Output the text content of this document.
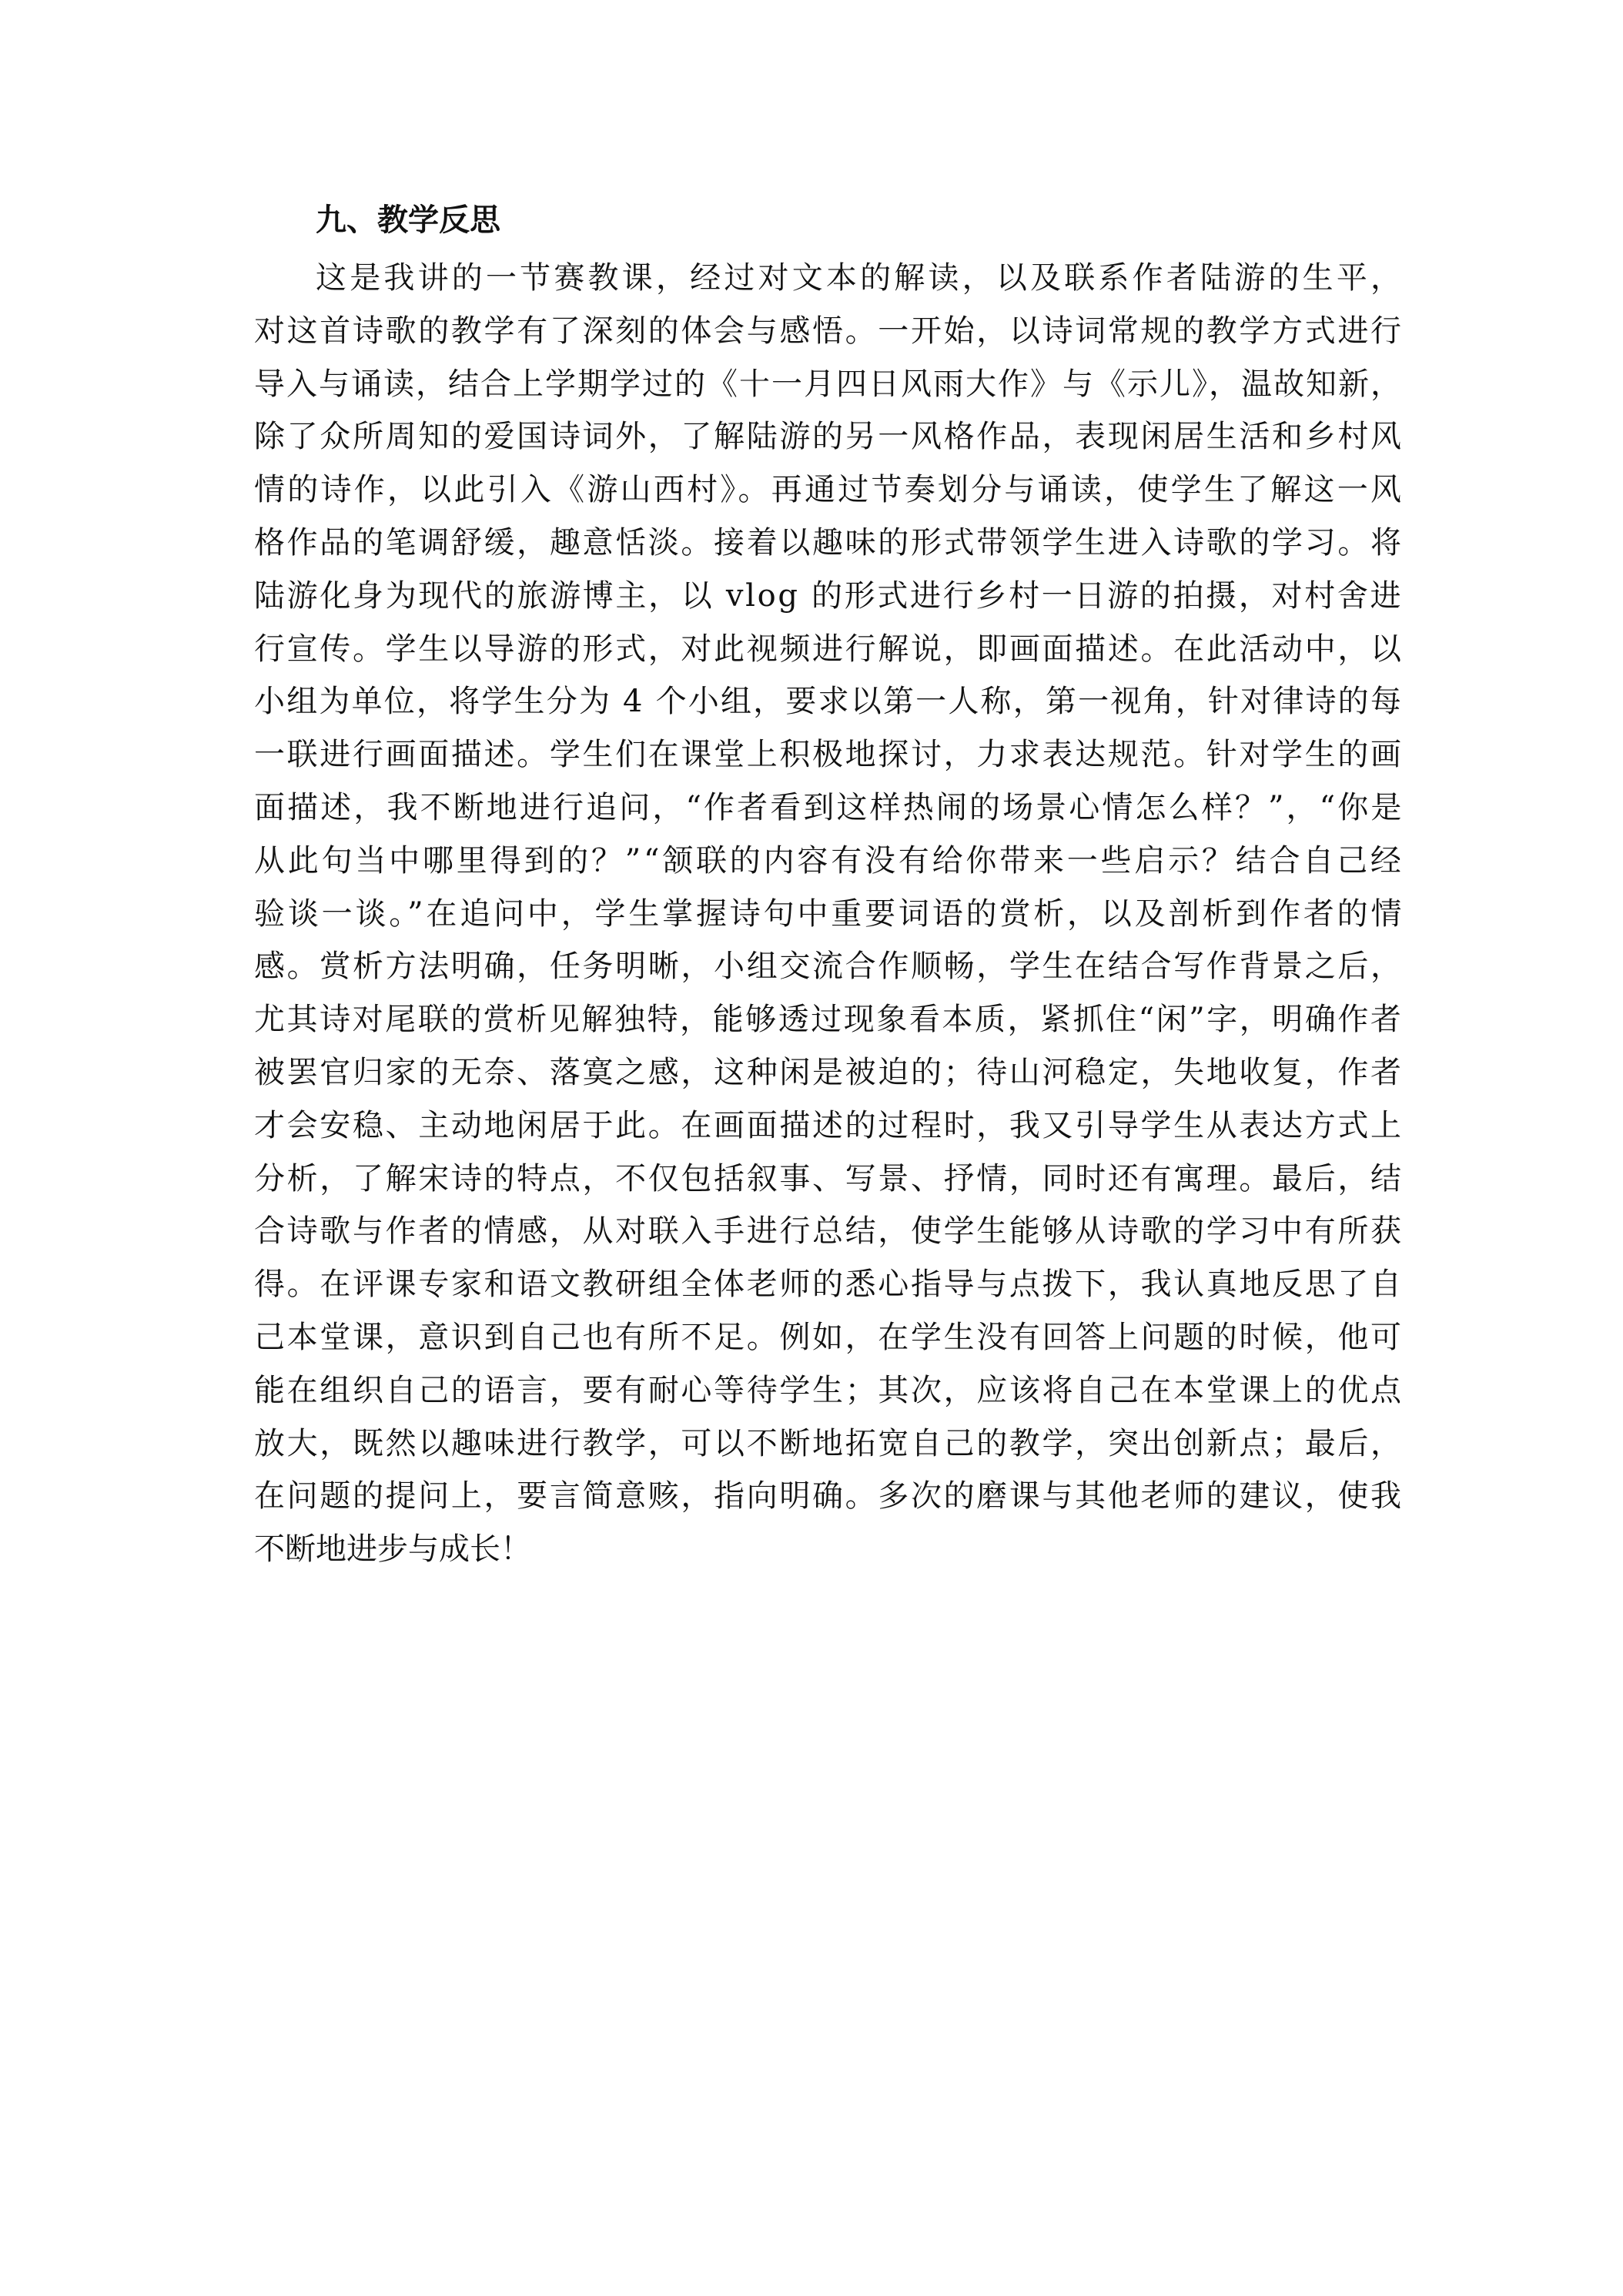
九、教学反思
这是我讲的一节赛教课，经过对文本的解读，以及联系作者陆游的生平，
对这首诗歌的教学有了深刻的体会与感悟。一开始，以诗词常规的教学方式进行
导入与诵读，结合上学期学过的《十一月四日风雨大作》与《示儿》，温故知新，
除了众所周知的爱国诗词外，了解陆游的另一风格作品，表现闲居生活和乡村风
情的诗作，以此引入《游山西村》。再通过节奏划分与诵读，使学生了解这一风
格作品的笔调舒缓，趣意恬淡。接着以趣味的形式带领学生进入诗歌的学习。将
陆游化身为现代的旅游博主，以 vlog 的形式进行乡村一日游的拍摄，对村舍进
行宣传。学生以导游的形式，对此视频进行解说，即画面描述。在此活动中，以
小组为单位，将学生分为 4 个小组，要求以第一人称，第一视角，针对律诗的每
一联进行画面描述。学生们在课堂上积极地探讨，力求表达规范。针对学生的画
面描述，我不断地进行追问，“作者看到这样热闹的场景心情怎么样？”，“你是
从此句当中哪里得到的？”“颔联的内容有没有给你带来一些启示？结合自己经
验谈一谈。”在追问中，学生掌握诗句中重要词语的赏析，以及剖析到作者的情
感。赏析方法明确，任务明晰，小组交流合作顺畅，学生在结合写作背景之后，
尤其诗对尾联的赏析见解独特，能够透过现象看本质，紧抓住“闲”字，明确作者
被罢官归家的无奈、落寞之感，这种闲是被迫的；待山河稳定，失地收复，作者
才会安稳、主动地闲居于此。在画面描述的过程时，我又引导学生从表达方式上
分析，了解宋诗的特点，不仅包括叙事、写景、抒情，同时还有寓理。最后，结
合诗歌与作者的情感，从对联入手进行总结，使学生能够从诗歌的学习中有所获
得。在评课专家和语文教研组全体老师的悉心指导与点拨下，我认真地反思了自
己本堂课，意识到自己也有所不足。例如，在学生没有回答上问题的时候，他可
能在组织自己的语言，要有耐心等待学生；其次，应该将自己在本堂课上的优点
放大，既然以趣味进行教学，可以不断地拓宽自己的教学，突出创新点；最后，
在问题的提问上，要言简意赅，指向明确。多次的磨课与其他老师的建议，使我
不断地进步与成长！
